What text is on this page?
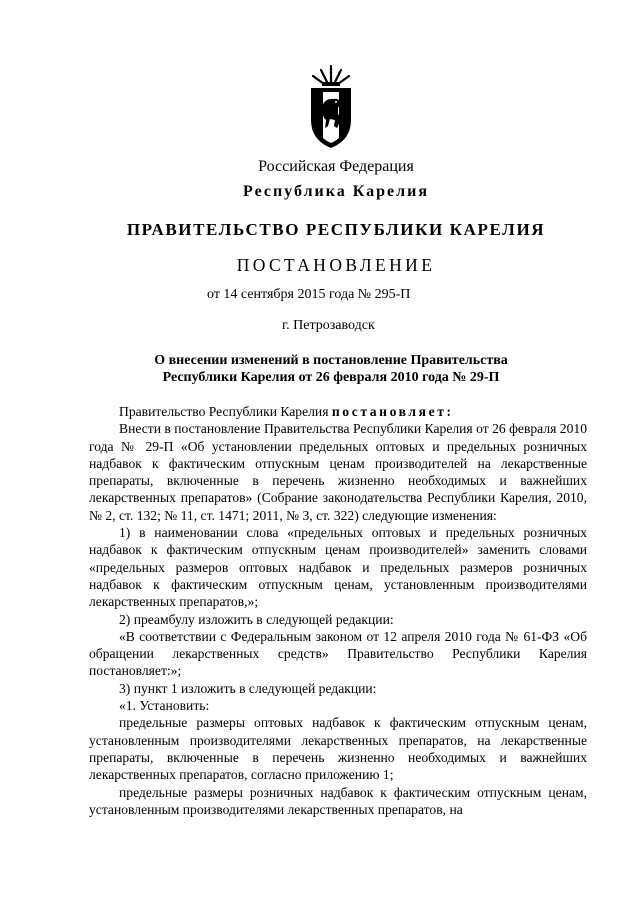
Российская Федерация
Республика Карелия
ПРАВИТЕЛЬСТВО РЕСПУБЛИКИ КАРЕЛИЯ
ПОСТАНОВЛЕНИЕ
от 14 сентября 2015 года № 295-П
г. Петрозаводск
О внесении изменений в постановление Правительства
Республики Карелия от 26 февраля 2010 года № 29-П

Правительство Республики Карелия постановляет:

Внести в постановление Правительства Республики Карелия от 26 февраля 2010 года № 29-П «Об установлении предельных оптовых и предельных розничных надбавок к фактическим отпускным ценам производителей на лекарственные препараты, включенные в перечень жизненно необходимых и важнейших лекарственных препаратов» (Собрание законодательства Республики Карелия, 2010, № 2, ст. 132; № 11, ст. 1471; 2011, № 3, ст. 322) следующие изменения:

1) в наименовании слова «предельных оптовых и предельных розничных надбавок к фактическим отпускным ценам производителей» заменить словами «предельных размеров оптовых надбавок и предельных размеров розничных надбавок к фактическим отпускным ценам, установленным производителями лекарственных препаратов,»;

2) преамбулу изложить в следующей редакции:

«В соответствии с Федеральным законом от 12 апреля 2010 года № 61-ФЗ «Об обращении лекарственных средств» Правительство Республики Карелия постановляет:»;

3) пункт 1 изложить в следующей редакции:

«1. Установить:

предельные размеры оптовых надбавок к фактическим отпускным ценам, установленным производителями лекарственных препаратов, на лекарственные препараты, включенные в перечень жизненно необходимых и важнейших лекарственных препаратов, согласно приложению 1;

предельные размеры розничных надбавок к фактическим отпускным ценам, установленным производителями лекарственных препаратов, на
